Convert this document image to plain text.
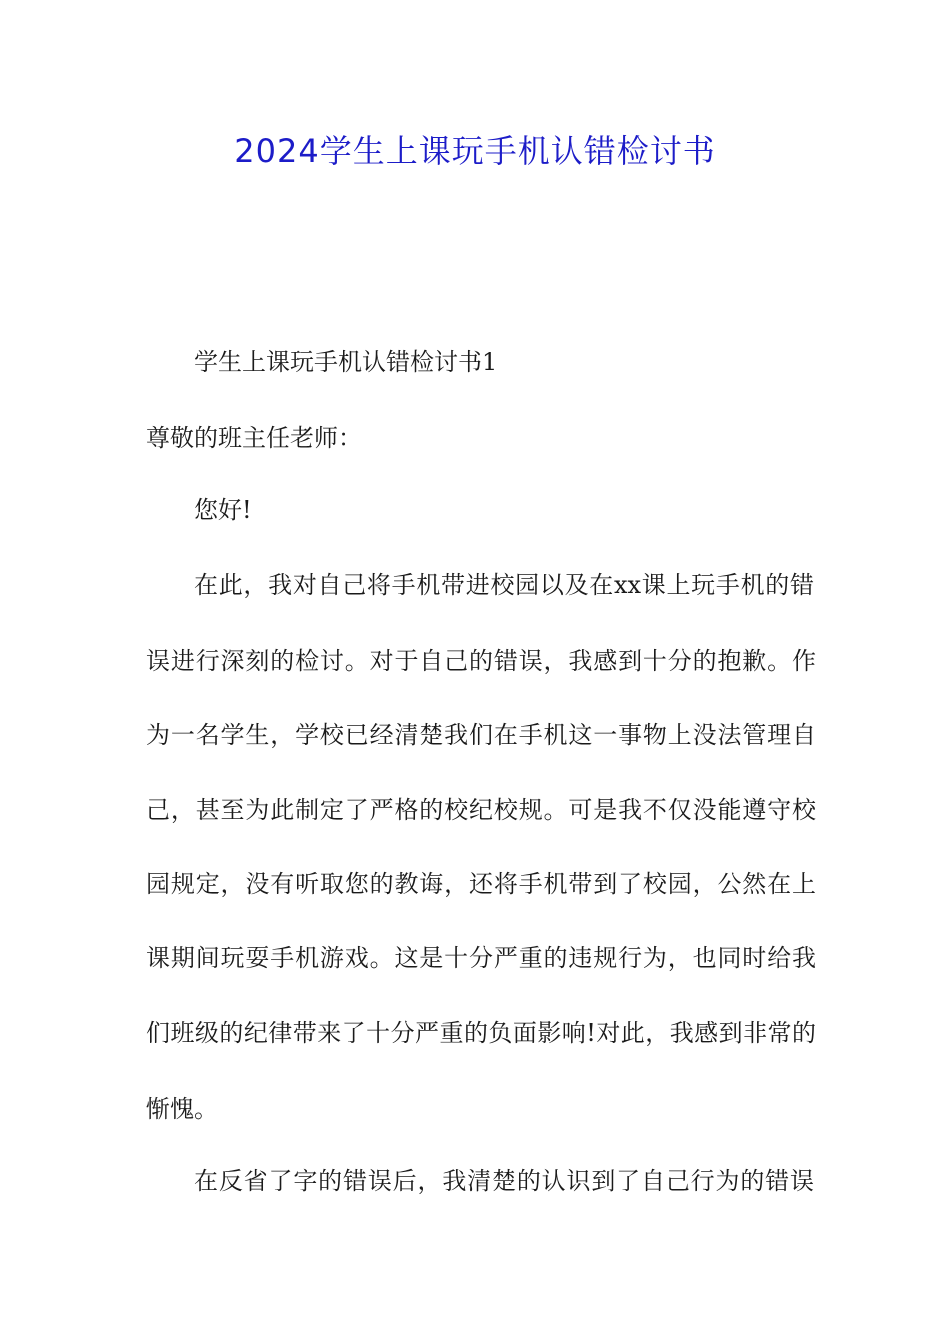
2024学生上课玩手机认错检讨书

学生上课玩手机认错检讨书1

尊敬的班主任老师：

您好!

在此，我对自己将手机带进校园以及在xx课上玩手机的错

误进行深刻的检讨。对于自己的错误，我感到十分的抱歉。作

为一名学生，学校已经清楚我们在手机这一事物上没法管理自

己，甚至为此制定了严格的校纪校规。可是我不仅没能遵守校

园规定，没有听取您的教诲，还将手机带到了校园，公然在上

课期间玩耍手机游戏。这是十分严重的违规行为，也同时给我

们班级的纪律带来了十分严重的负面影响!对此，我感到非常的

惭愧。

在反省了字的错误后，我清楚的认识到了自己行为的错误
